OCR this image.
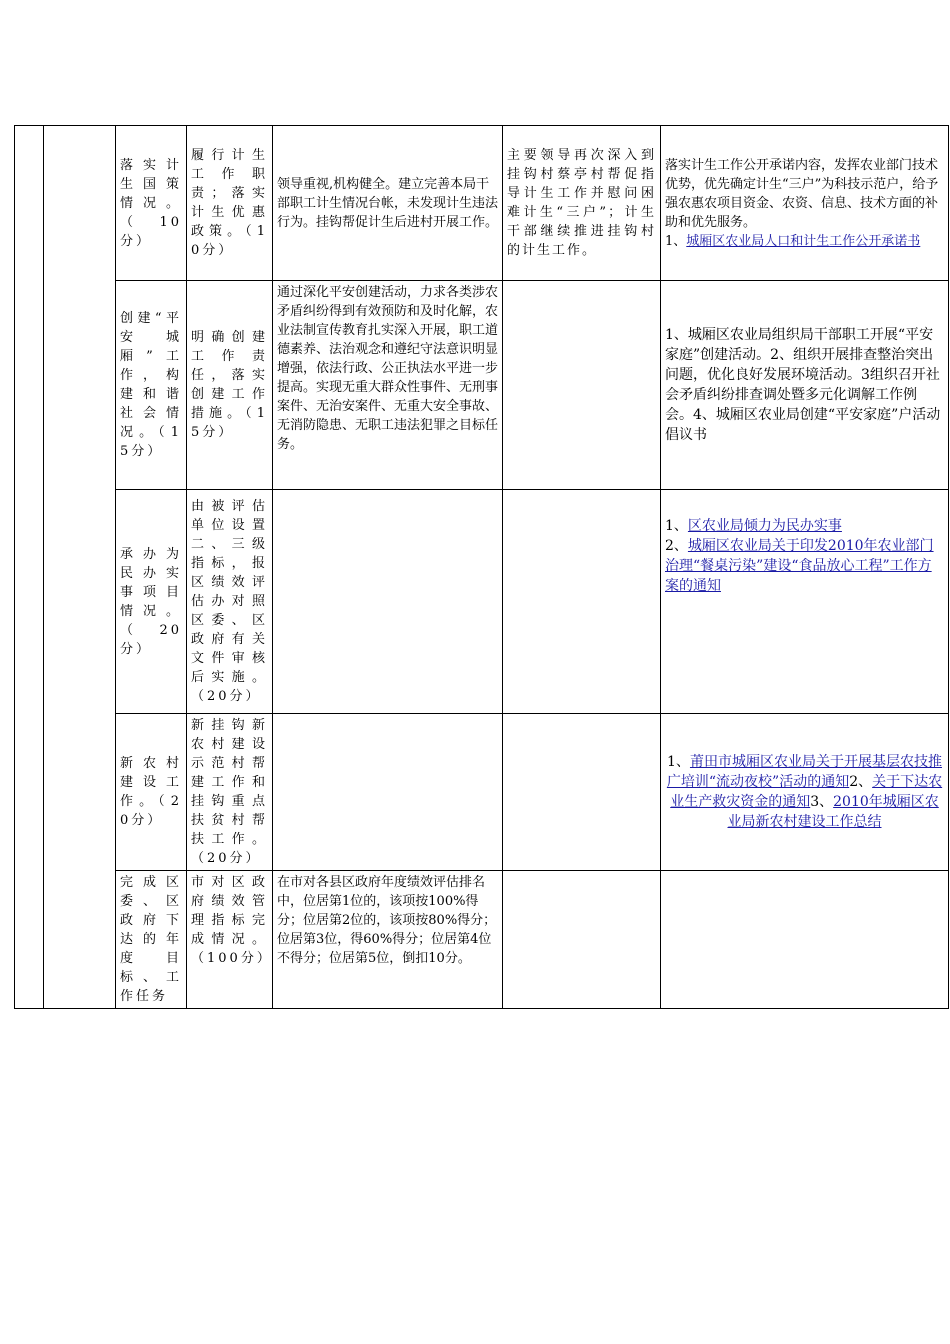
		落实计生国策情况。（10分）	履行计生工作职责；落实计生优惠政策。（10分）	领导重视,机构健全。建立完善本局干部职工计生情况台帐，未发现计生违法行为。挂钩帮促计生后进村开展工作。	主要领导再次深入到挂钩村蔡亭村帮促指导计生工作并慰问困难计生“三户”；计生干部继续推进挂钩村的计生工作。	落实计生工作公开承诺内容，发挥农业部门技术优势，优先确定计生“三户”为科技示范户，给予强农惠农项目资金、农资、信息、技术方面的补助和优先服务。
1、城厢区农业局人口和计生工作公开承诺书
		创建“平安城厢”工作，构建和谐社会情况。（15分）	明确创建工作责任，落实创建工作措施。（15分）	通过深化平安创建活动，力求各类涉农矛盾纠纷得到有效预防和及时化解，农业法制宣传教育扎实深入开展，职工道德素养、法治观念和遵纪守法意识明显增强，依法行政、公正执法水平进一步提高。实现无重大群众性事件、无刑事案件、无治安案件、无重大安全事故、无消防隐患、无职工违法犯罪之目标任务。		1、城厢区农业局组织局干部职工开展“平安家庭”创建活动。2、组织开展排查整治突出问题，优化良好发展环境活动。3组织召开社会矛盾纠纷排查调处暨多元化调解工作例会。4、城厢区农业局创建“平安家庭”户活动倡议书
		承办为民办实事项目情况。（20分）	由被评估单位设置二、三级指标，报区绩效评估办对照区委、区政府有关文件审核后实施。（20分）			1、区农业局倾力为民办实事
2、城厢区农业局关于印发2010年农业部门治理“餐桌污染”建设“食品放心工程”工作方案的通知

		新农村建设工作。（20分）	新挂钩新农村建设示范村帮建工作和挂钩重点扶贫村帮扶工作。（20分）			1、莆田市城厢区农业局关于开展基层农技推广培训“流动夜校”活动的通知2、关于下达农业生产救灾资金的通知3、2010年城厢区农业局新农村建设工作总结
		完成区委、区政府下达的年度目标、工作任务	市对区政府绩效管理指标完成情况。（100分）	在市对各县区政府年度绩效评估排名中，位居第1位的，该项按100%得分；位居第2位的，该项按80%得分；位居第3位，得60%得分；位居第4位不得分；位居第5位，倒扣10分。		
